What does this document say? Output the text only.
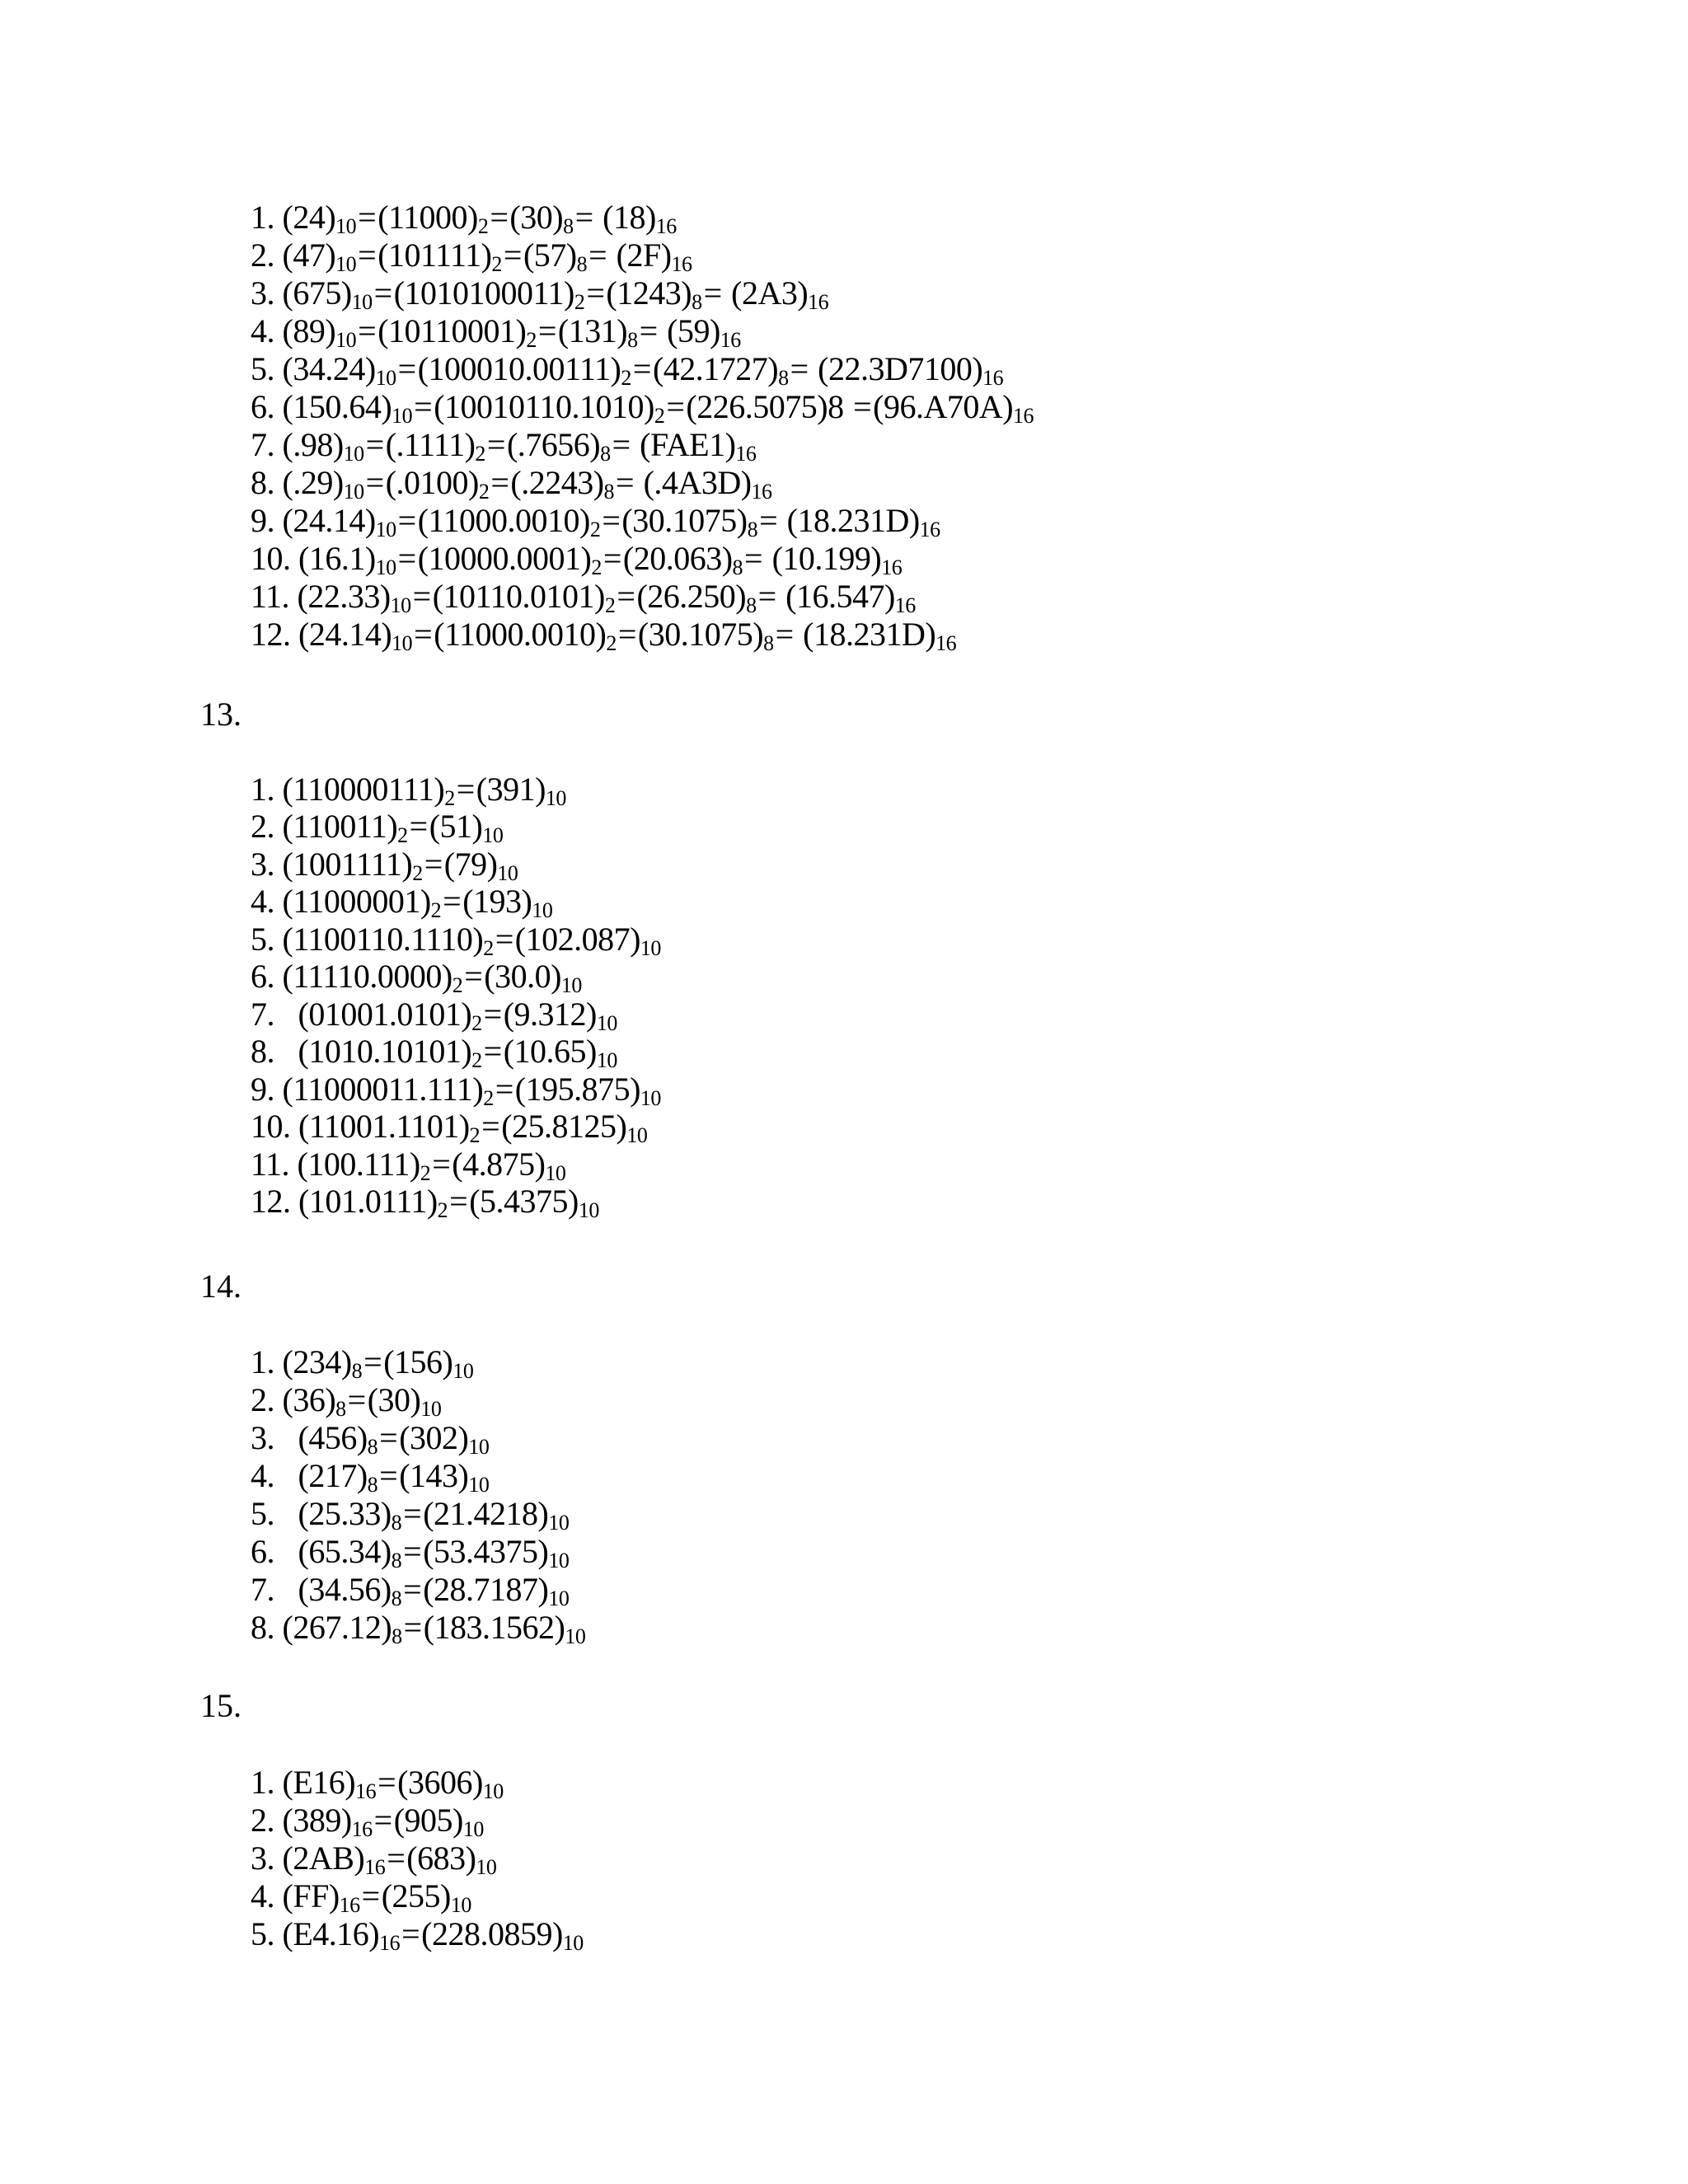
1. $(24)_{10}=(11000)_2=(30)_8= (18)_{16}$
2. $(47)_{10}=(101111)_2=(57)_8= (2F)_{16}$
3. $(675)_{10}=(1010100011)_2=(1243)_8= (2A3)_{16}$
4. $(89)_{10}=(10110001)_2=(131)_8= (59)_{16}$
5. $(34.24)_{10}=(100010.00111)_2=(42.1727)_8= (22.3D7100)_{16}$
6. $(150.64)_{10}=(10010110.1010)_2=(226.5075)8 =(96.A70A)_{16}$
7. $(.98)_{10}=(.1111)_2=(.7656)_8= (FAE1)_{16}$
8. $(.29)_{10}=(.0100)_2=(.2243)_8= (.4A3D)_{16}$
9. $(24.14)_{10}=(11000.0010)_2=(30.1075)_8= (18.231D)_{16}$
10. $(16.1)_{10}=(10000.0001)_2=(20.063)_8= (10.199)_{16}$
11. $(22.33)_{10}=(10110.0101)_2=(26.250)_8= (16.547)_{16}$
12. $(24.14)_{10}=(11000.0010)_2=(30.1075)_8= (18.231D)_{16}$
13.
1. $(110000111)_2=(391)_{10}$
2. $(110011)_2=(51)_{10}$
3. $(1001111)_2=(79)_{10}$
4. $(11000001)_2=(193)_{10}$
5. $(1100110.1110)_2=(102.087)_{10}$
6. $(11110.0000)_2=(30.0)_{10}$
7.   $(01001.0101)_2=(9.312)_{10}$
8.   $(1010.10101)_2=(10.65)_{10}$
9. $(11000011.111)_2=(195.875)_{10}$
10. $(11001.1101)_2=(25.8125)_{10}$
11. $(100.111)_2=(4.875)_{10}$
12. $(101.0111)_2=(5.4375)_{10}$
14.
1. $(234)_8=(156)_{10}$
2. $(36)_8=(30)_{10}$
3.   $(456)_8=(302)_{10}$
4.   $(217)_8=(143)_{10}$
5.   $(25.33)_8=(21.4218)_{10}$
6.   $(65.34)_8=(53.4375)_{10}$
7.   $(34.56)_8=(28.7187)_{10}$
8. $(267.12)_8=(183.1562)_{10}$
15.
1. $(E16)_{16}=(3606)_{10}$
2. $(389)_{16}=(905)_{10}$
3. $(2AB)_{16}=(683)_{10}$
4. $(FF)_{16}=(255)_{10}$
5. $(E4.16)_{16}=(228.0859)_{10}$
